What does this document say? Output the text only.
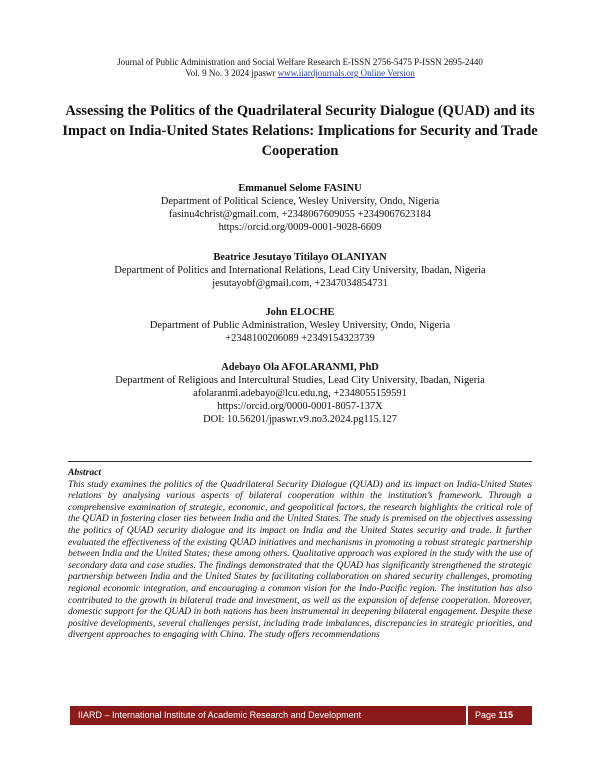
Journal of Public Administration and Social Welfare Research E-ISSN 2756-5475 P-ISSN 2695-2440
Vol. 9 No. 3 2024 jpaswr www.iiardjournals.org Online Version
Assessing the Politics of the Quadrilateral Security Dialogue (QUAD) and its Impact on India-United States Relations: Implications for Security and Trade Cooperation
Emmanuel Selome FASINU
Department of Political Science, Wesley University, Ondo, Nigeria
fasinu4christ@gmail.com, +2348067609055 +2349067623184
https://orcid.org/0009-0001-9028-6609
Beatrice Jesutayo Titilayo OLANIYAN
Department of Politics and International Relations, Lead City University, Ibadan, Nigeria
jesutayobf@gmail.com, +2347034854731
John ELOCHE
Department of Public Administration, Wesley University, Ondo, Nigeria
+2348100206089 +2349154323739
Adebayo Ola AFOLARANMI, PhD
Department of Religious and Intercultural Studies, Lead City University, Ibadan, Nigeria
afolaranmi.adebayo@lcu.edu.ng, +2348055159591
https://orcid.org/0000-0001-8057-137X
DOI: 10.56201/jpaswr.v9.no3.2024.pg115.127
Abstract
This study examines the politics of the Quadrilateral Security Dialogue (QUAD) and its impact on India-United States relations by analysing various aspects of bilateral cooperation within the institution’s framework. Through a comprehensive examination of strategic, economic, and geopolitical factors, the research highlights the critical role of the QUAD in fostering closer ties between India and the United States. The study is premised on the objectives assessing the politics of QUAD security dialogue and its impact on India and the United States security and trade. It further evaluated the effectiveness of the existing QUAD initiatives and mechanisms in promoting a robust strategic partnership between India and the United States; these among others. Qualitative approach was explored in the study with the use of secondary data and case studies. The findings demonstrated that the QUAD has significantly strengthened the strategic partnership between India and the United States by facilitating collaboration on shared security challenges, promoting regional economic integration, and encouraging a common vision for the Indo-Pacific region. The institution has also contributed to the growth in bilateral trade and investment, as well as the expansion of defense cooperation. Moreover, domestic support for the QUAD in both nations has been instrumental in deepening bilateral engagement. Despite these positive developments, several challenges persist, including trade imbalances, discrepancies in strategic priorities, and divergent approaches to engaging with China. The study offers recommendations
IIARD – International Institute of Academic Research and Development	Page 115
